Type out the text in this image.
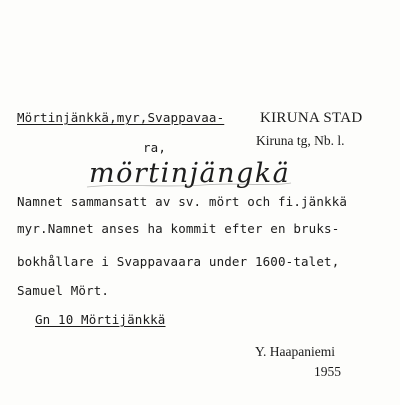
Mörtinjänkkä,myr,Svappavaa-
ra,
KIRUNA STAD
Kiruna tg, Nb. l.
mörtinjängkä
Namnet sammansatt av sv. mört och fi.jänkkä
myr.Namnet anses ha kommit efter en bruks-
bokhållare i Svappavaara under 1600-talet,
Samuel Mört.
Gn 10 Mörtijänkkä
Y. Haapaniemi
1955
